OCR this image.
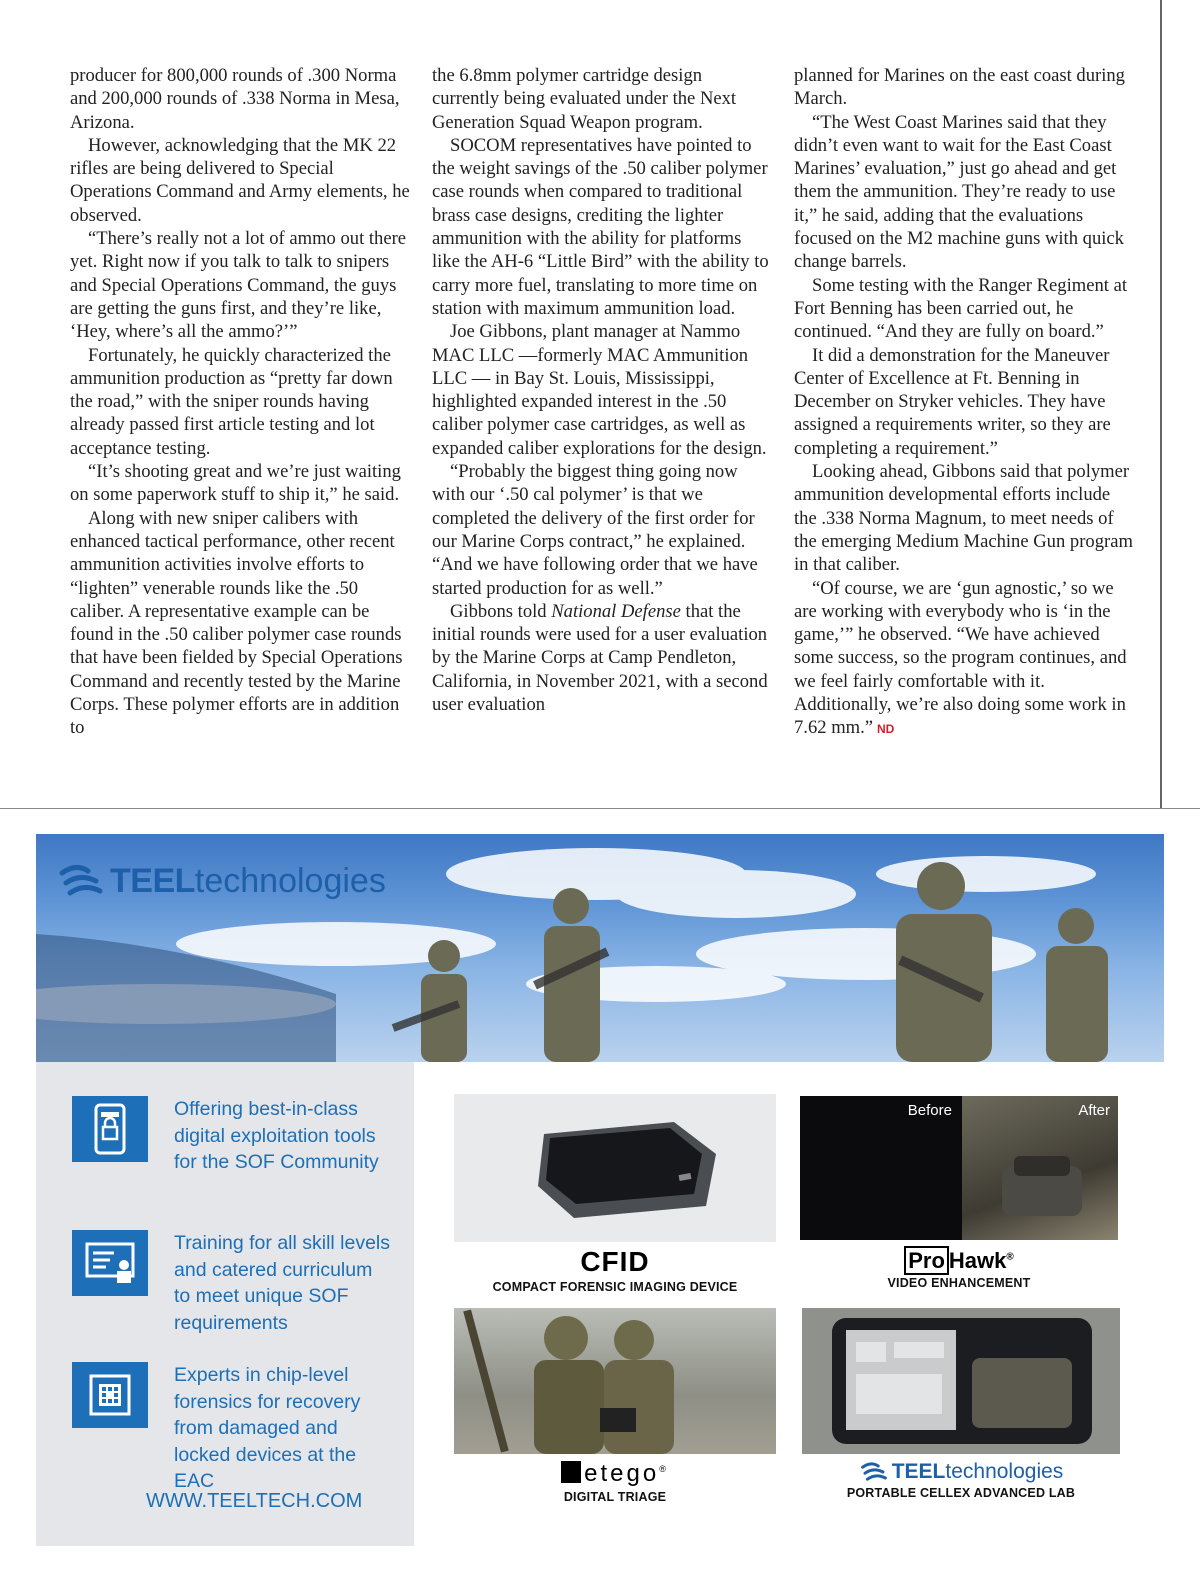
producer for 800,000 rounds of .300 Norma and 200,000 rounds of .338 Norma in Mesa, Arizona.

However, acknowledging that the MK 22 rifles are being delivered to Special Operations Command and Army elements, he observed.

“There’s really not a lot of ammo out there yet. Right now if you talk to talk to snipers and Special Operations Command, the guys are getting the guns first, and they’re like, ‘Hey, where’s all the ammo?’”

Fortunately, he quickly characterized the ammunition production as “pretty far down the road,” with the sniper rounds having already passed first article testing and lot acceptance testing.

“It’s shooting great and we’re just waiting on some paperwork stuff to ship it,” he said.

Along with new sniper calibers with enhanced tactical performance, other recent ammunition activities involve efforts to “lighten” venerable rounds like the .50 caliber. A representative example can be found in the .50 caliber polymer case rounds that have been fielded by Special Operations Command and recently tested by the Marine Corps. These polymer efforts are in addition to

the 6.8mm polymer cartridge design currently being evaluated under the Next Generation Squad Weapon program.

SOCOM representatives have pointed to the weight savings of the .50 caliber polymer case rounds when compared to traditional brass case designs, crediting the lighter ammunition with the ability for platforms like the AH-6 “Little Bird” with the ability to carry more fuel, translating to more time on station with maximum ammunition load.

Joe Gibbons, plant manager at Nammo MAC LLC —formerly MAC Ammunition LLC — in Bay St. Louis, Mississippi, highlighted expanded interest in the .50 caliber polymer case cartridges, as well as expanded caliber explorations for the design.

“Probably the biggest thing going now with our ‘.50 cal polymer’ is that we completed the delivery of the first order for our Marine Corps contract,” he explained. “And we have following order that we have started production for as well.”

Gibbons told National Defense that the initial rounds were used for a user evaluation by the Marine Corps at Camp Pendleton, California, in November 2021, with a second user evaluation

planned for Marines on the east coast during March.

“The West Coast Marines said that they didn’t even want to wait for the East Coast Marines’ evaluation,” just go ahead and get them the ammunition. They’re ready to use it,” he said, adding that the evaluations focused on the M2 machine guns with quick change barrels.

Some testing with the Ranger Regiment at Fort Benning has been carried out, he continued. “And they are fully on board.”

It did a demonstration for the Maneuver Center of Excellence at Ft. Benning in December on Stryker vehicles. They have assigned a requirements writer, so they are completing a requirement.”

Looking ahead, Gibbons said that polymer ammunition developmental efforts include the .338 Norma Magnum, to meet needs of the emerging Medium Machine Gun program in that caliber.

“Of course, we are ‘gun agnostic,’ so we are working with everybody who is ‘in the game,’” he observed. “We have achieved some success, so the program continues, and we feel fairly comfortable with it. Additionally, we’re also doing some work in 7.62 mm.” ND

TEEL technologies
Offering best-in-class digital exploitation tools for the SOF Community
Training for all skill levels and catered curriculum to meet unique SOF requirements
Experts in chip-level forensics for recovery from damaged and locked devices at the EAC
WWW.TEELTECH.COM
CFID
COMPACT FORENSIC IMAGING DEVICE
Before	After
Pro Hawk®
VIDEO ENHANCEMENT
etego®
DIGITAL TRIAGE
TEEL technologies
PORTABLE CELLEX ADVANCED LAB
